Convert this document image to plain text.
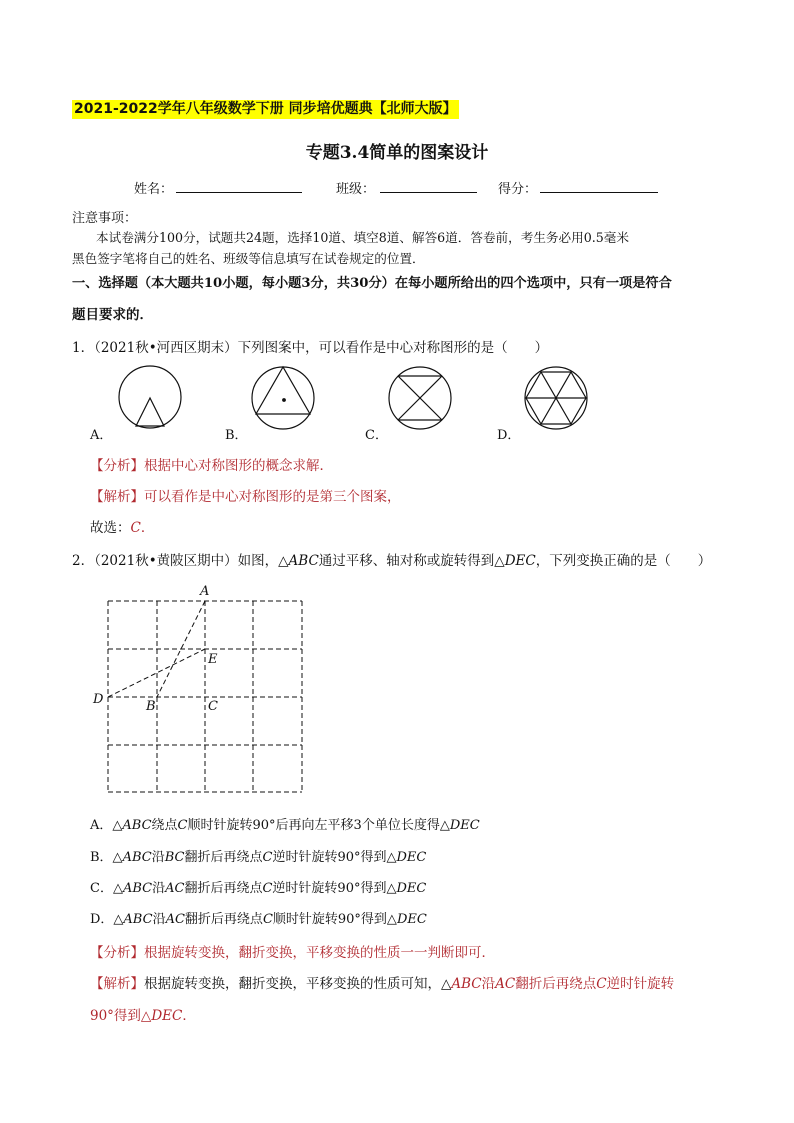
2021-2022学年八年级数学下册 同步培优题典【北师大版】
专题3.4简单的图案设计
姓名：	班级：	得分：
注意事项：
本试卷满分100分，试题共24题，选择10道、填空8道、解答6道．答卷前，考生务必用0.5毫米
黑色签字笔将自己的姓名、班级等信息填写在试卷规定的位置．
一、选择题（本大题共10小题，每小题3分，共30分）在每小题所给出的四个选项中，只有一项是符合
题目要求的．
1．（2021秋•河西区期末）下列图案中，可以看作是中心对称图形的是（　　）
A．	B．	C．	D．
【分析】根据中心对称图形的概念求解．
【解析】可以看作是中心对称图形的是第三个图案，
故选：C．
2．（2021秋•黄陂区期中）如图，△ABC通过平移、轴对称或旋转得到△DEC，下列变换正确的是（　　）
A
E
D	B	C
A．△ABC绕点C顺时针旋转90°后再向左平移3个单位长度得△DEC
B．△ABC沿BC翻折后再绕点C逆时针旋转90°得到△DEC
C．△ABC沿AC翻折后再绕点C逆时针旋转90°得到△DEC
D．△ABC沿AC翻折后再绕点C顺时针旋转90°得到△DEC
【分析】根据旋转变换，翻折变换，平移变换的性质一一判断即可．
【解析】根据旋转变换，翻折变换，平移变换的性质可知，△ABC沿AC翻折后再绕点C逆时针旋转
90°得到△DEC．
